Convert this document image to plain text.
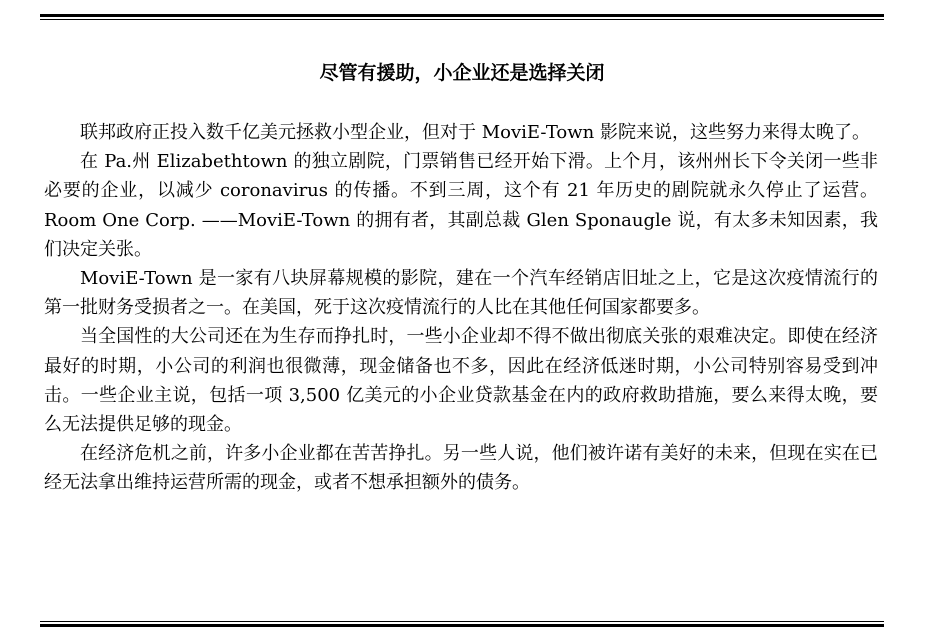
尽管有援助，小企业还是选择关闭

联邦政府正投入数千亿美元拯救小型企业，但对于 MoviE-Town 影院来说，这些努力来得太晚了。

在 Pa.州 Elizabethtown 的独立剧院，门票销售已经开始下滑。上个月，该州州长下令关闭一些非必要的企业，以减少 coronavirus 的传播。不到三周，这个有 21 年历史的剧院就永久停止了运营。Room One Corp. ——MoviE-Town 的拥有者，其副总裁 Glen Sponaugle 说，有太多未知因素，我们决定关张。

MoviE-Town 是一家有八块屏幕规模的影院，建在一个汽车经销店旧址之上，它是这次疫情流行的第一批财务受损者之一。在美国，死于这次疫情流行的人比在其他任何国家都要多。

当全国性的大公司还在为生存而挣扎时，一些小企业却不得不做出彻底关张的艰难决定。即使在经济最好的时期，小公司的利润也很微薄，现金储备也不多，因此在经济低迷时期，小公司特别容易受到冲击。一些企业主说，包括一项 3,500 亿美元的小企业贷款基金在内的政府救助措施，要么来得太晚，要么无法提供足够的现金。

在经济危机之前，许多小企业都在苦苦挣扎。另一些人说，他们被许诺有美好的未来，但现在实在已经无法拿出维持运营所需的现金，或者不想承担额外的债务。
